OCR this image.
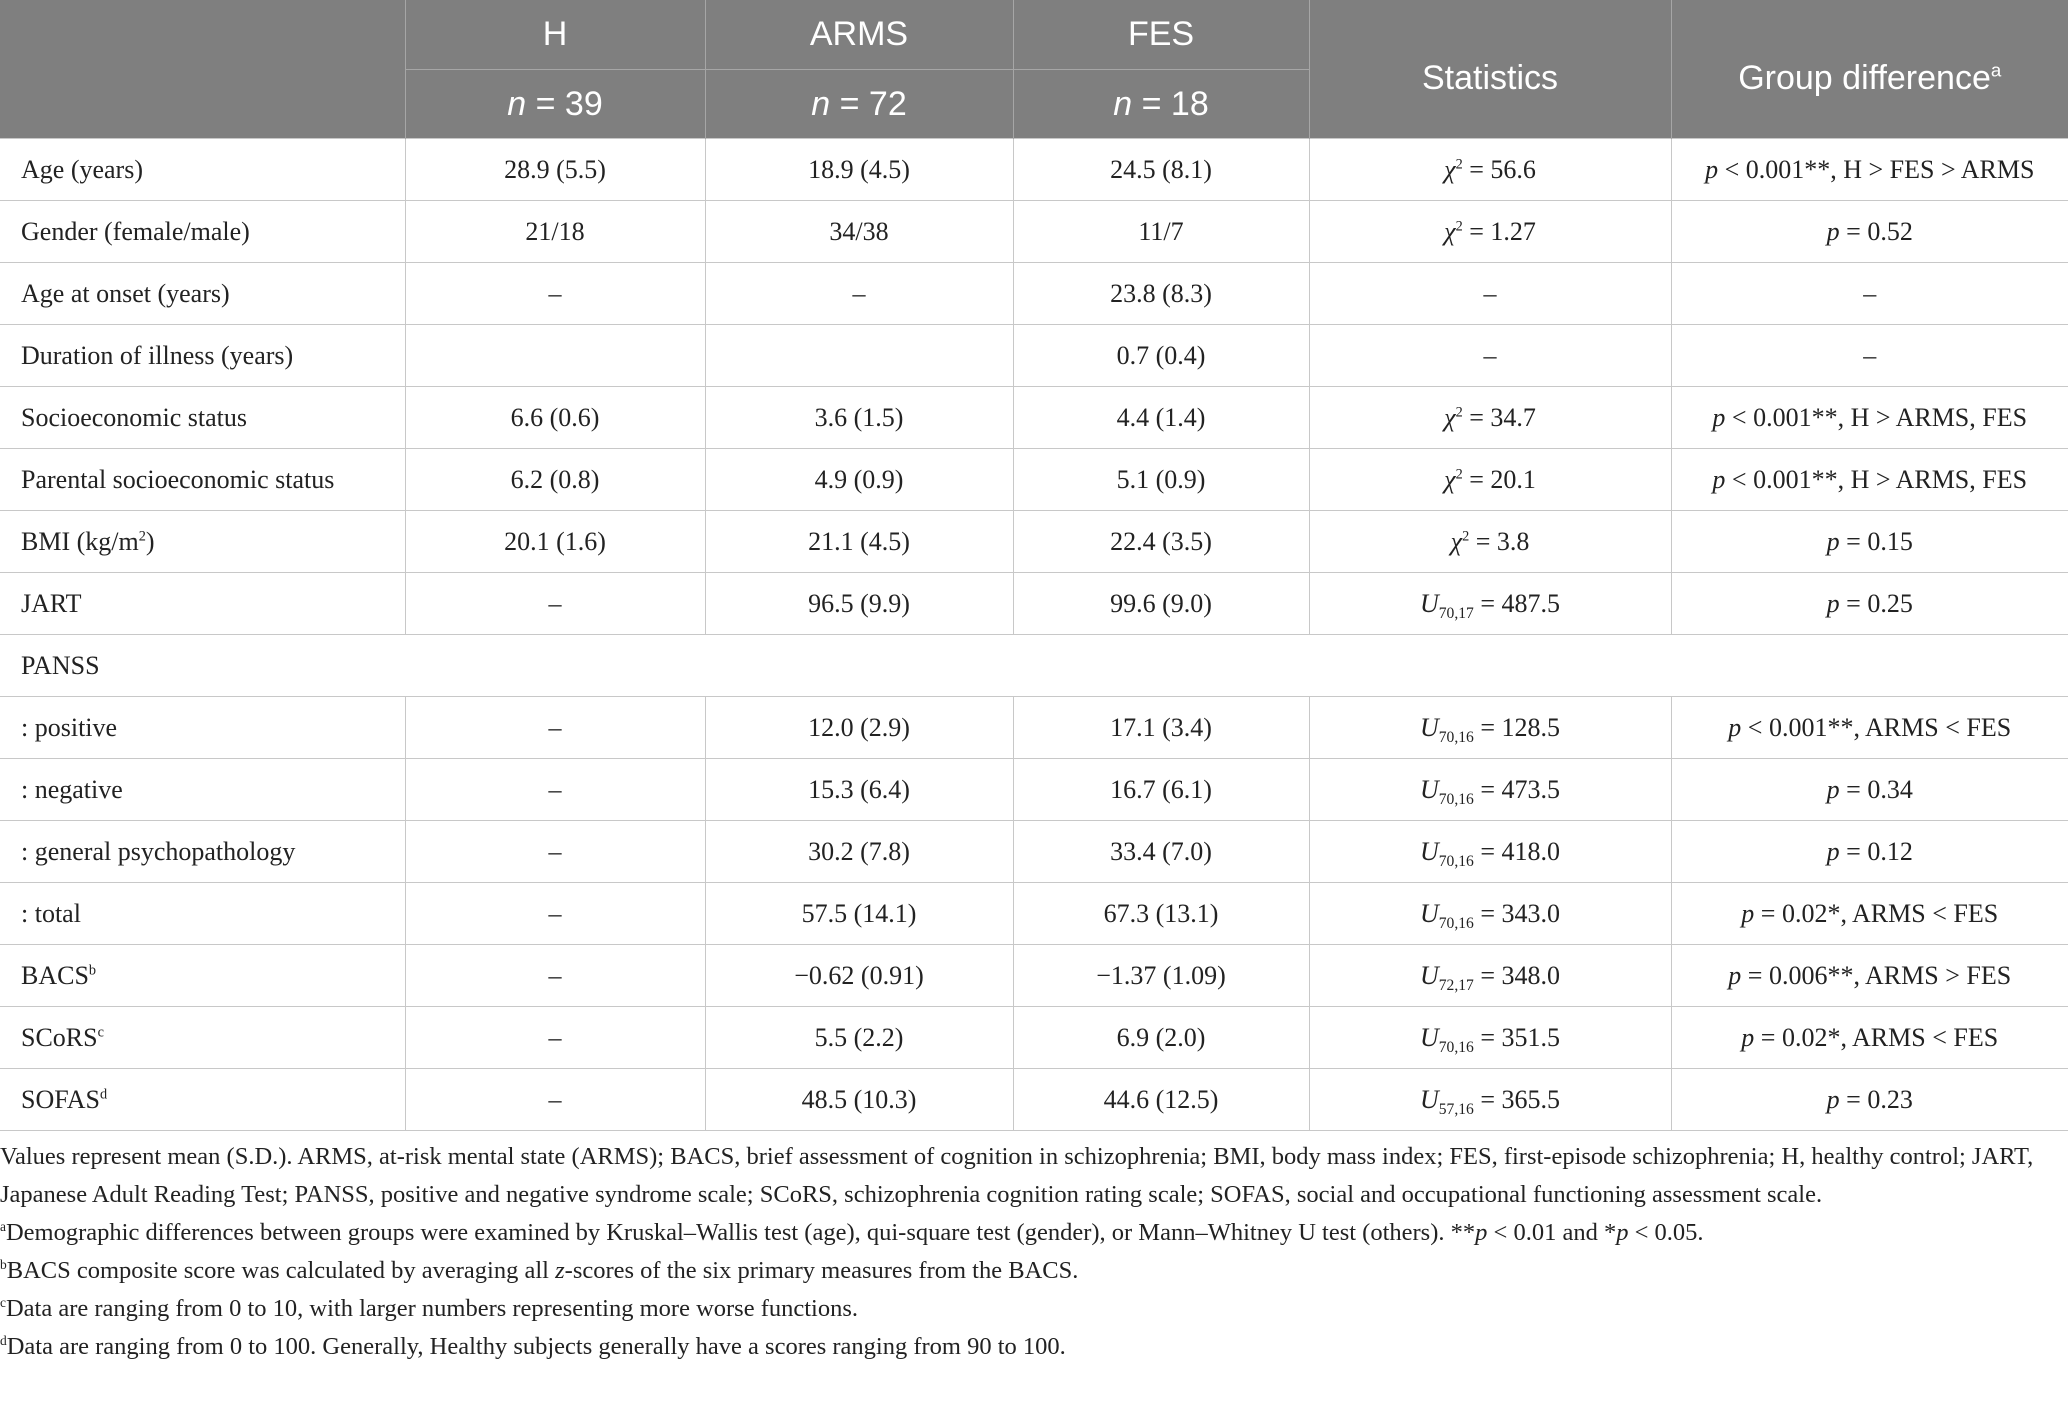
	H	ARMS	FES	Statistics	Group difference$^a$
	n = 39	n = 72	n = 18		
Age (years)	28.9 (5.5)	18.9 (4.5)	24.5 (8.1)	$\chi^2 = 56.6$	p < 0.001**, H > FES > ARMS
Gender (female/male)	21/18	34/38	11/7	$\chi^2 = 1.27$	p = 0.52
Age at onset (years)	–	–	23.8 (8.3)	–	–
Duration of illness (years)			0.7 (0.4)	–	–
Socioeconomic status	6.6 (0.6)	3.6 (1.5)	4.4 (1.4)	$\chi^2 = 34.7$	p < 0.001**, H > ARMS, FES
Parental socioeconomic status	6.2 (0.8)	4.9 (0.9)	5.1 (0.9)	$\chi^2 = 20.1$	p < 0.001**, H > ARMS, FES
BMI $(kg/m^2)$	20.1 (1.6)	21.1 (4.5)	22.4 (3.5)	$\chi^2 = 3.8$	p = 0.15
JART	–	96.5 (9.9)	99.6 (9.0)	$U_{70,17} = 487.5$	p = 0.25
PANSS					
: positive	–	12.0 (2.9)	17.1 (3.4)	$U_{70,16} = 128.5$	p < 0.001**, ARMS < FES
: negative	–	15.3 (6.4)	16.7 (6.1)	$U_{70,16} = 473.5$	p = 0.34
: general psychopathology	–	30.2 (7.8)	33.4 (7.0)	$U_{70,16} = 418.0$	p = 0.12
: total	–	57.5 (14.1)	67.3 (13.1)	$U_{70,16} = 343.0$	p = 0.02*, ARMS < FES
BACS$^b$	–	−0.62 (0.91)	−1.37 (1.09)	$U_{72,17} = 348.0$	p = 0.006**, ARMS > FES
SCoRS$^c$	–	5.5 (2.2)	6.9 (2.0)	$U_{70,16} = 351.5$	p = 0.02*, ARMS < FES
SOFAS$^d$	–	48.5 (10.3)	44.6 (12.5)	$U_{57,16} = 365.5$	p = 0.23

Values represent mean (S.D.). ARMS, at-risk mental state (ARMS); BACS, brief assessment of cognition in schizophrenia; BMI, body mass index; FES, first-episode schizophrenia; H, healthy control; JART, Japanese Adult Reading Test; PANSS, positive and negative syndrome scale; SCoRS, schizophrenia cognition rating scale; SOFAS, social and occupational functioning assessment scale.

$^a$Demographic differences between groups were examined by Kruskal–Wallis test (age), qui-square test (gender), or Mann–Whitney U test (others). **p < 0.01 and *p < 0.05.

$^b$BACS composite score was calculated by averaging all z-scores of the six primary measures from the BACS.

$^c$Data are ranging from 0 to 10, with larger numbers representing more worse functions.

$^d$Data are ranging from 0 to 100. Generally, Healthy subjects generally have a scores ranging from 90 to 100.
